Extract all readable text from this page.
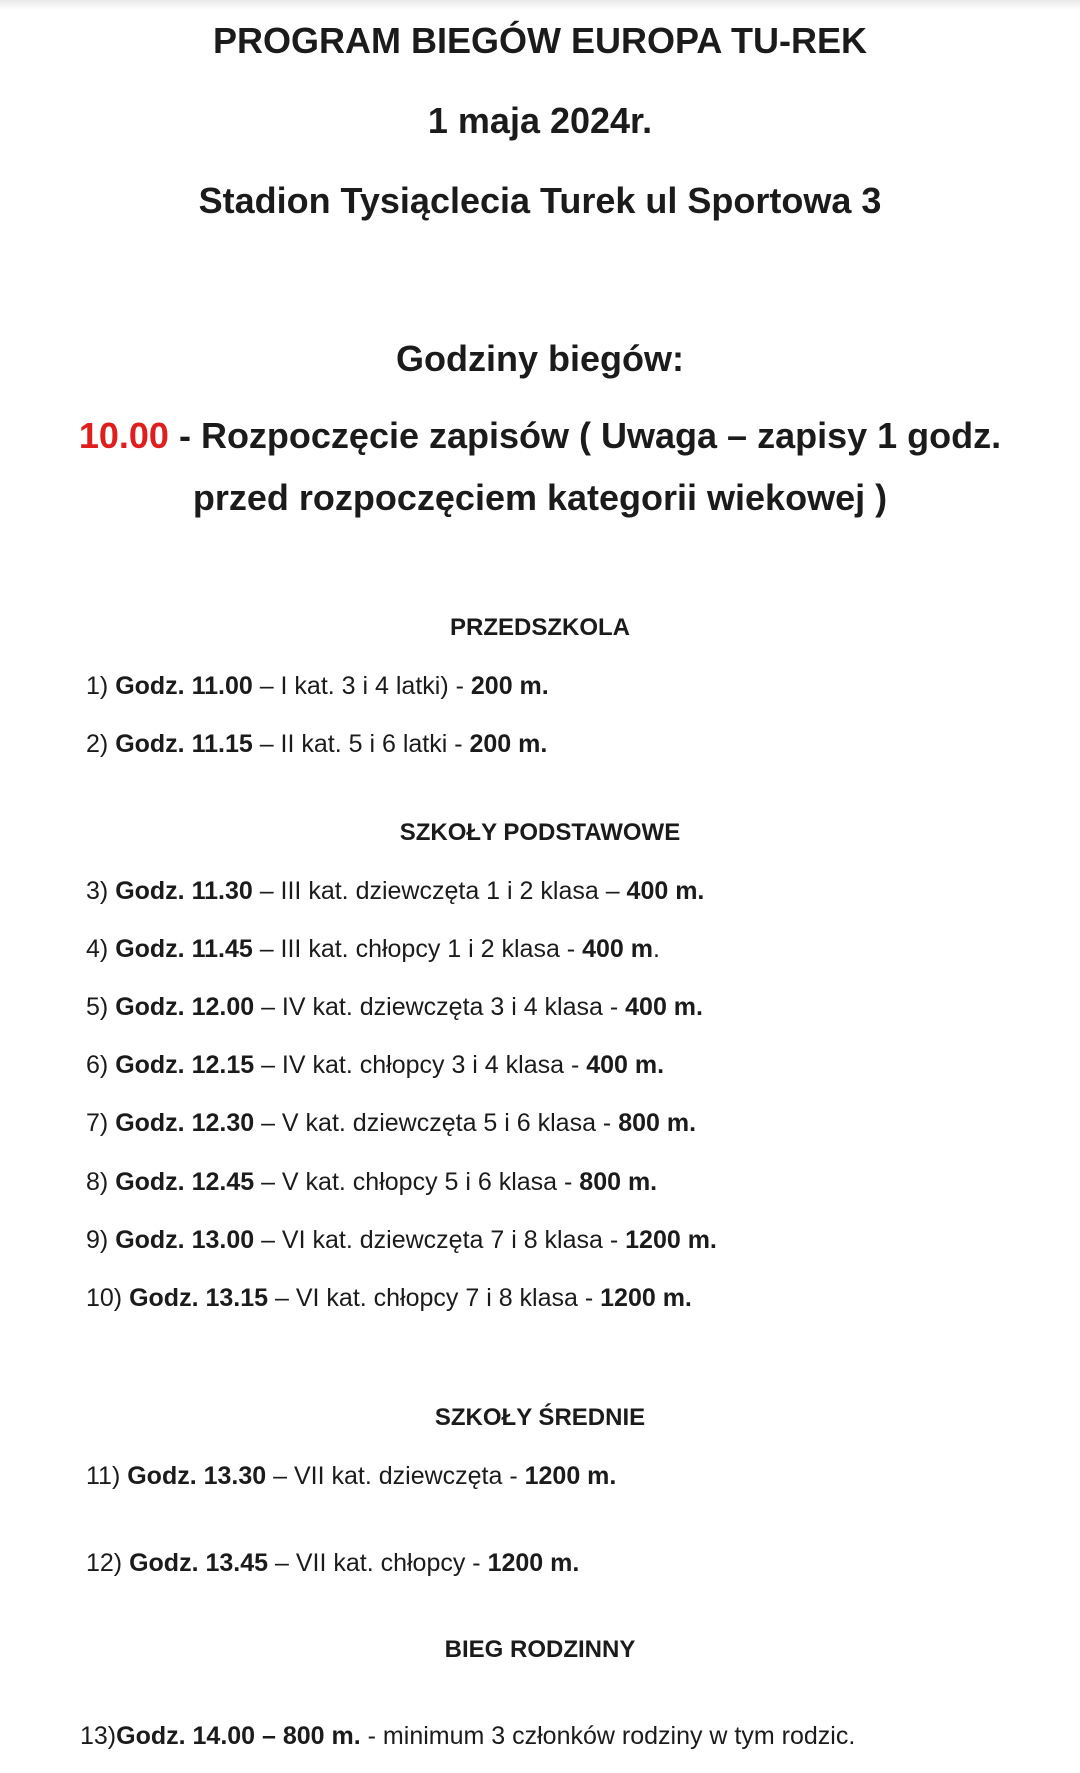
PROGRAM BIEGÓW EUROPA TU-REK
1 maja 2024r.
Stadion Tysiąclecia Turek ul Sportowa 3
Godziny biegów:
10.00 - Rozpoczęcie zapisów ( Uwaga – zapisy 1 godz.
przed rozpoczęciem kategorii wiekowej )
PRZEDSZKOLA
1) Godz. 11.00 – I kat. 3 i 4 latki) - 200 m.
2) Godz. 11.15 – II kat. 5 i 6 latki - 200 m.
SZKOŁY PODSTAWOWE
3) Godz. 11.30 – III kat. dziewczęta 1 i 2 klasa – 400 m.
4) Godz. 11.45 – III kat. chłopcy 1 i 2 klasa - 400 m.
5) Godz. 12.00 – IV kat. dziewczęta 3 i 4 klasa - 400 m.
6) Godz. 12.15 – IV kat. chłopcy 3 i 4 klasa - 400 m.
7) Godz. 12.30 – V kat. dziewczęta 5 i 6 klasa - 800 m.
8) Godz. 12.45 – V kat. chłopcy 5 i 6 klasa - 800 m.
9) Godz. 13.00 – VI kat. dziewczęta 7 i 8 klasa - 1200 m.
10) Godz. 13.15 – VI kat. chłopcy 7 i 8 klasa - 1200 m.
SZKOŁY ŚREDNIE
11) Godz. 13.30 – VII kat. dziewczęta - 1200 m.
12) Godz. 13.45 – VII kat. chłopcy - 1200 m.
BIEG RODZINNY
13)Godz. 14.00 – 800 m. - minimum 3 członków rodziny w tym rodzic.
